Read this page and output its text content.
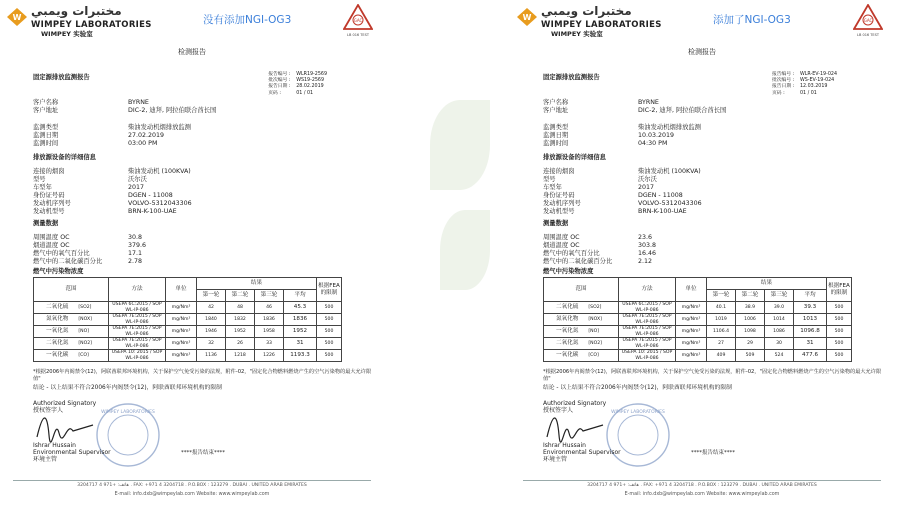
W مختبرات ويمبي
WIMPEY LABORATORIES
WIMPEY 实验室
没有添加NGI-OG3	GAC
LB 016 TEST
检测报告
固定源排放监测报告	报告编号 :	WLR19-2569
批次编号 :	WS19-2569
报告日期 :	28.02.2019
页码 :	01 / 01
客户名称	BYRNE
客户地址	DIC-2, 迪拜, 阿拉伯联合酋长国
监测类型	柴油发动机烟排放监测
监测日期	27.02.2019
监测时间	03:00 PM
排放源设备的详细信息
连接的烟囱	柴油发动机 (100KVA)
型号	沃尔沃
车型年	2017
身份证号码	DGEN - 11008
发动机序列号	VOLVO-5312043306
发动机型号	BRN-K-100-UAE
测量数据
周围温度 OC	30.8
烟道温度 OC	379.6
燃气中的氧气百分比	17.1
燃气中的二氧化碳百分比	2.78
燃气中污染物浓度
范围	方法	单位	结果				根据FEA的限制
			第一轮	第二轮	第三轮	平均	
二氧化硫 [SO2]	USEPA 6C:2015 / SOP WL-IP-086	mg/Nm³	42	48	46	45.3	500
氮氧化物 [NOX]	USEPA 7E:2015 / SOP WL-IP-086	mg/Nm³	1840	1832	1836	1836	500
一氧化氮 [NO]	USEPA 7E:2015 / SOP WL-IP-086	mg/Nm³	1946	1952	1958	1952	500
二氧化氮 [NO2]	USEPA 7E:2015 / SOP WL-IP-086	mg/Nm³	32	26	33	31	500
一氧化碳 [CO]	USEPA 10: 2015 / SOP WL-IP-086	mg/Nm³	1136	1218	1226	1193.3	500
*根据2006年内阁禁令(12)，阿联酋联邦环境机构，关于保护空气免受污染的法规，附件-02，"固定化合物燃料燃烧产生的空气污染物的最大允许限值"
结论 - 以上结果不符合2006年内阁禁令(12)，阿联酋联邦环境机构的限制
Authorized Signatory
授权签字人	WIMPEY LABORATORIES
Ishrar Hussain
Environmental Supervisor
环境主管
****报告结束****
هاتف: +971 4 3204717 . FAX: +971 4 3204718 . P.O.BOX : 123279 . DUBAI . UNITED ARAB EMIRATES
E-mail: info.dxb@wimpeylab.com Website: www.wimpeylab.com
W مختبرات ويمبي
WIMPEY LABORATORIES
WIMPEY 实验室
添加了NGI-OG3	GAC
LB 016 TEST
检测报告
固定源排放监测报告	报告编号 :	WLR-EV-19-024
批次编号 :	WS-EV-19-024
报告日期 :	12.03.2019
页码 :	01 / 01
客户名称	BYRNE
客户地址	DIC-2, 迪拜, 阿拉伯联合酋长国
监测类型	柴油发动机烟排放监测
监测日期	10.03.2019
监测时间	04:30 PM
排放源设备的详细信息
连接的烟囱	柴油发动机 (100KVA)
型号	沃尔沃
车型年	2017
身份证号码	DGEN - 11008
发动机序列号	VOLVO-5312043306
发动机型号	BRN-K-100-UAE
测量数据
周围温度 OC	23.6
烟道温度 OC	303.8
燃气中的氧气百分比	16.46
燃气中的二氧化碳百分比	2.12
燃气中污染物浓度
范围	方法	单位	结果				根据FEA的限制
			第一轮	第二轮	第三轮	平均	
二氧化硫 [SO2]	USEPA 6C:2015 / SOP WL-IP-086	mg/Nm³	40.1	38.9	39.0	39.3	500
氮氧化物 [NOX]	USEPA 7E:2015 / SOP WL-IP-086	mg/Nm³	1019	1006	1014	1013	500
一氧化氮 [NO]	USEPA 7E:2015 / SOP WL-IP-086	mg/Nm³	1106.4	1098	1086	1096.8	500
二氧化氮 [NO2]	USEPA 7E:2015 / SOP WL-IP-086	mg/Nm³	27	29	30	31	500
一氧化碳 [CO]	USEPA 10: 2015 / SOP WL-IP-086	mg/Nm³	409	509	524	477.6	500
*根据2006年内阁禁令(12)，阿联酋联邦环境机构，关于保护空气免受污染的法规，附件-02，"固定化合物燃料燃烧产生的空气污染物的最大允许限值"
结论 - 以上结果不符合2006年内阁禁令(12)，阿联酋联邦环境机构的限制
Authorized Signatory
授权签字人	WIMPEY LABORATORIES
Ishrar Hussain
Environmental Supervisor
环境主管
****报告结束****
هاتف: +971 4 3204717 . FAX: +971 4 3204718 . P.O.BOX : 123279 . DUBAI . UNITED ARAB EMIRATES
E-mail: info.dxb@wimpeylab.com Website: www.wimpeylab.com
